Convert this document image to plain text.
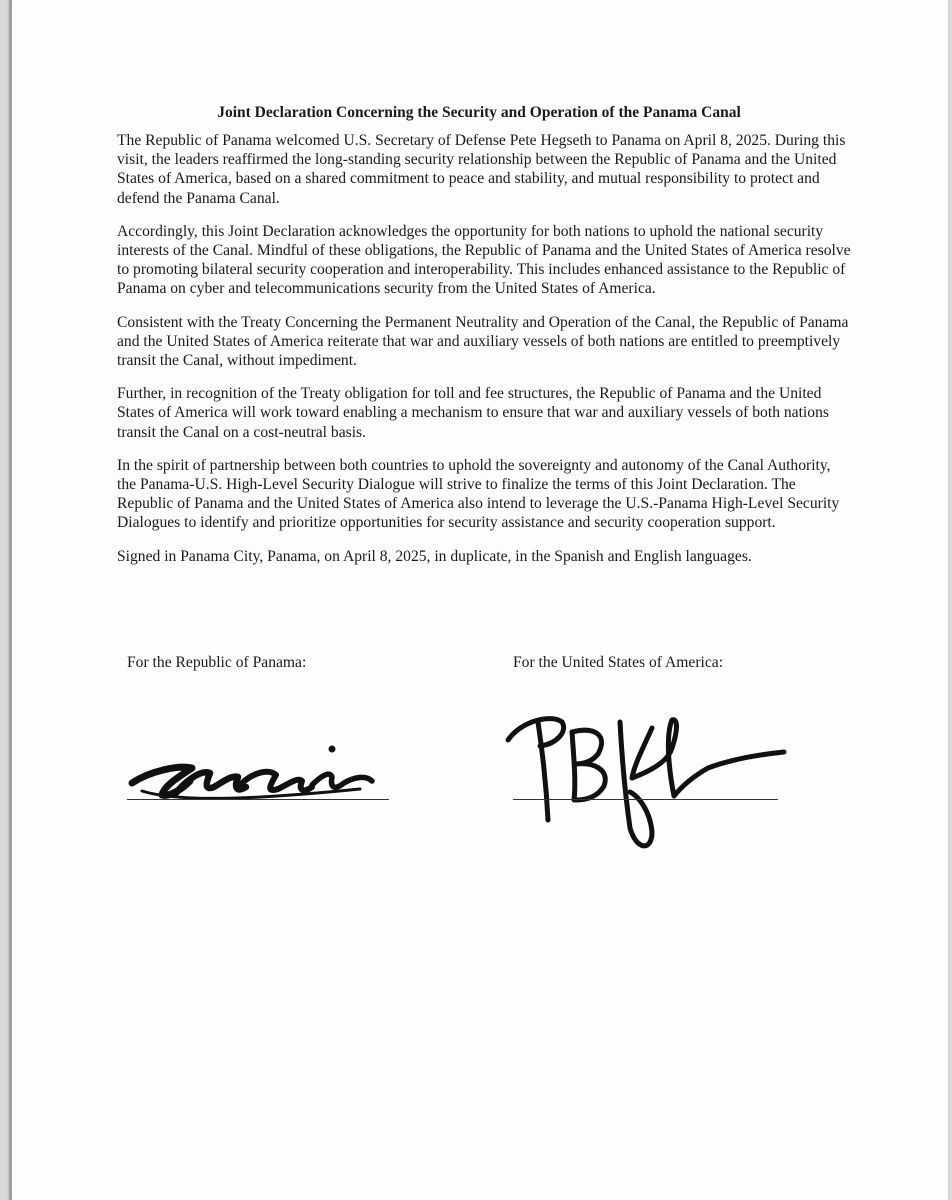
Joint Declaration Concerning the Security and Operation of the Panama Canal

The Republic of Panama welcomed U.S. Secretary of Defense Pete Hegseth to Panama on April 8, 2025. During this visit, the leaders reaffirmed the long-standing security relationship between the Republic of Panama and the United States of America, based on a shared commitment to peace and stability, and mutual responsibility to protect and defend the Panama Canal.

Accordingly, this Joint Declaration acknowledges the opportunity for both nations to uphold the national security interests of the Canal. Mindful of these obligations, the Republic of Panama and the United States of America resolve to promoting bilateral security cooperation and interoperability. This includes enhanced assistance to the Republic of Panama on cyber and telecommunications security from the United States of America.

Consistent with the Treaty Concerning the Permanent Neutrality and Operation of the Canal, the Republic of Panama and the United States of America reiterate that war and auxiliary vessels of both nations are entitled to preemptively transit the Canal, without impediment.

Further, in recognition of the Treaty obligation for toll and fee structures, the Republic of Panama and the United States of America will work toward enabling a mechanism to ensure that war and auxiliary vessels of both nations transit the Canal on a cost-neutral basis.

In the spirit of partnership between both countries to uphold the sovereignty and autonomy of the Canal Authority, the Panama-U.S. High-Level Security Dialogue will strive to finalize the terms of this Joint Declaration. The Republic of Panama and the United States of America also intend to leverage the U.S.-Panama High-Level Security Dialogues to identify and prioritize opportunities for security assistance and security cooperation support.

Signed in Panama City, Panama, on April 8, 2025, in duplicate, in the Spanish and English languages.

For the Republic of Panama:	For the United States of America:
